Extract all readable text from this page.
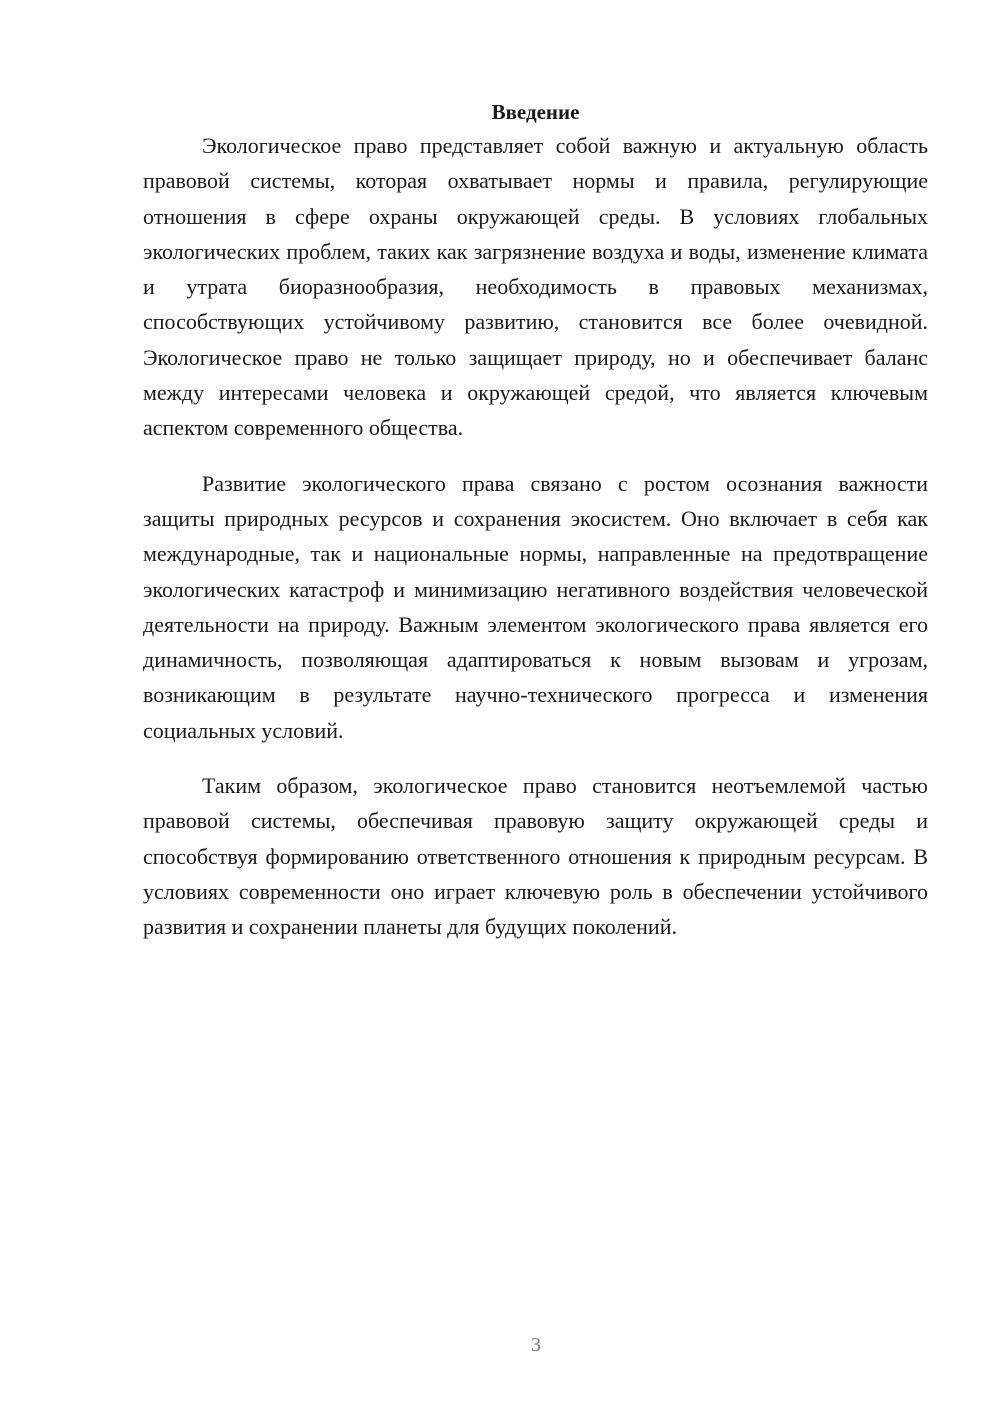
Введение

Экологическое право представляет собой важную и актуальную область правовой системы, которая охватывает нормы и правила, регулирующие отношения в сфере охраны окружающей среды. В условиях глобальных экологических проблем, таких как загрязнение воздуха и воды, изменение климата и утрата биоразнообразия, необходимость в правовых механизмах, способствующих устойчивому развитию, становится все более очевидной. Экологическое право не только защищает природу, но и обеспечивает баланс между интересами человека и окружающей средой, что является ключевым аспектом современного общества.

Развитие экологического права связано с ростом осознания важности защиты природных ресурсов и сохранения экосистем. Оно включает в себя как международные, так и национальные нормы, направленные на предотвращение экологических катастроф и минимизацию негативного воздействия человеческой деятельности на природу. Важным элементом экологического права является его динамичность, позволяющая адаптироваться к новым вызовам и угрозам, возникающим в результате научно-технического прогресса и изменения социальных условий.

Таким образом, экологическое право становится неотъемлемой частью правовой системы, обеспечивая правовую защиту окружающей среды и способствуя формированию ответственного отношения к природным ресурсам. В условиях современности оно играет ключевую роль в обеспечении устойчивого развития и сохранении планеты для будущих поколений.

3
